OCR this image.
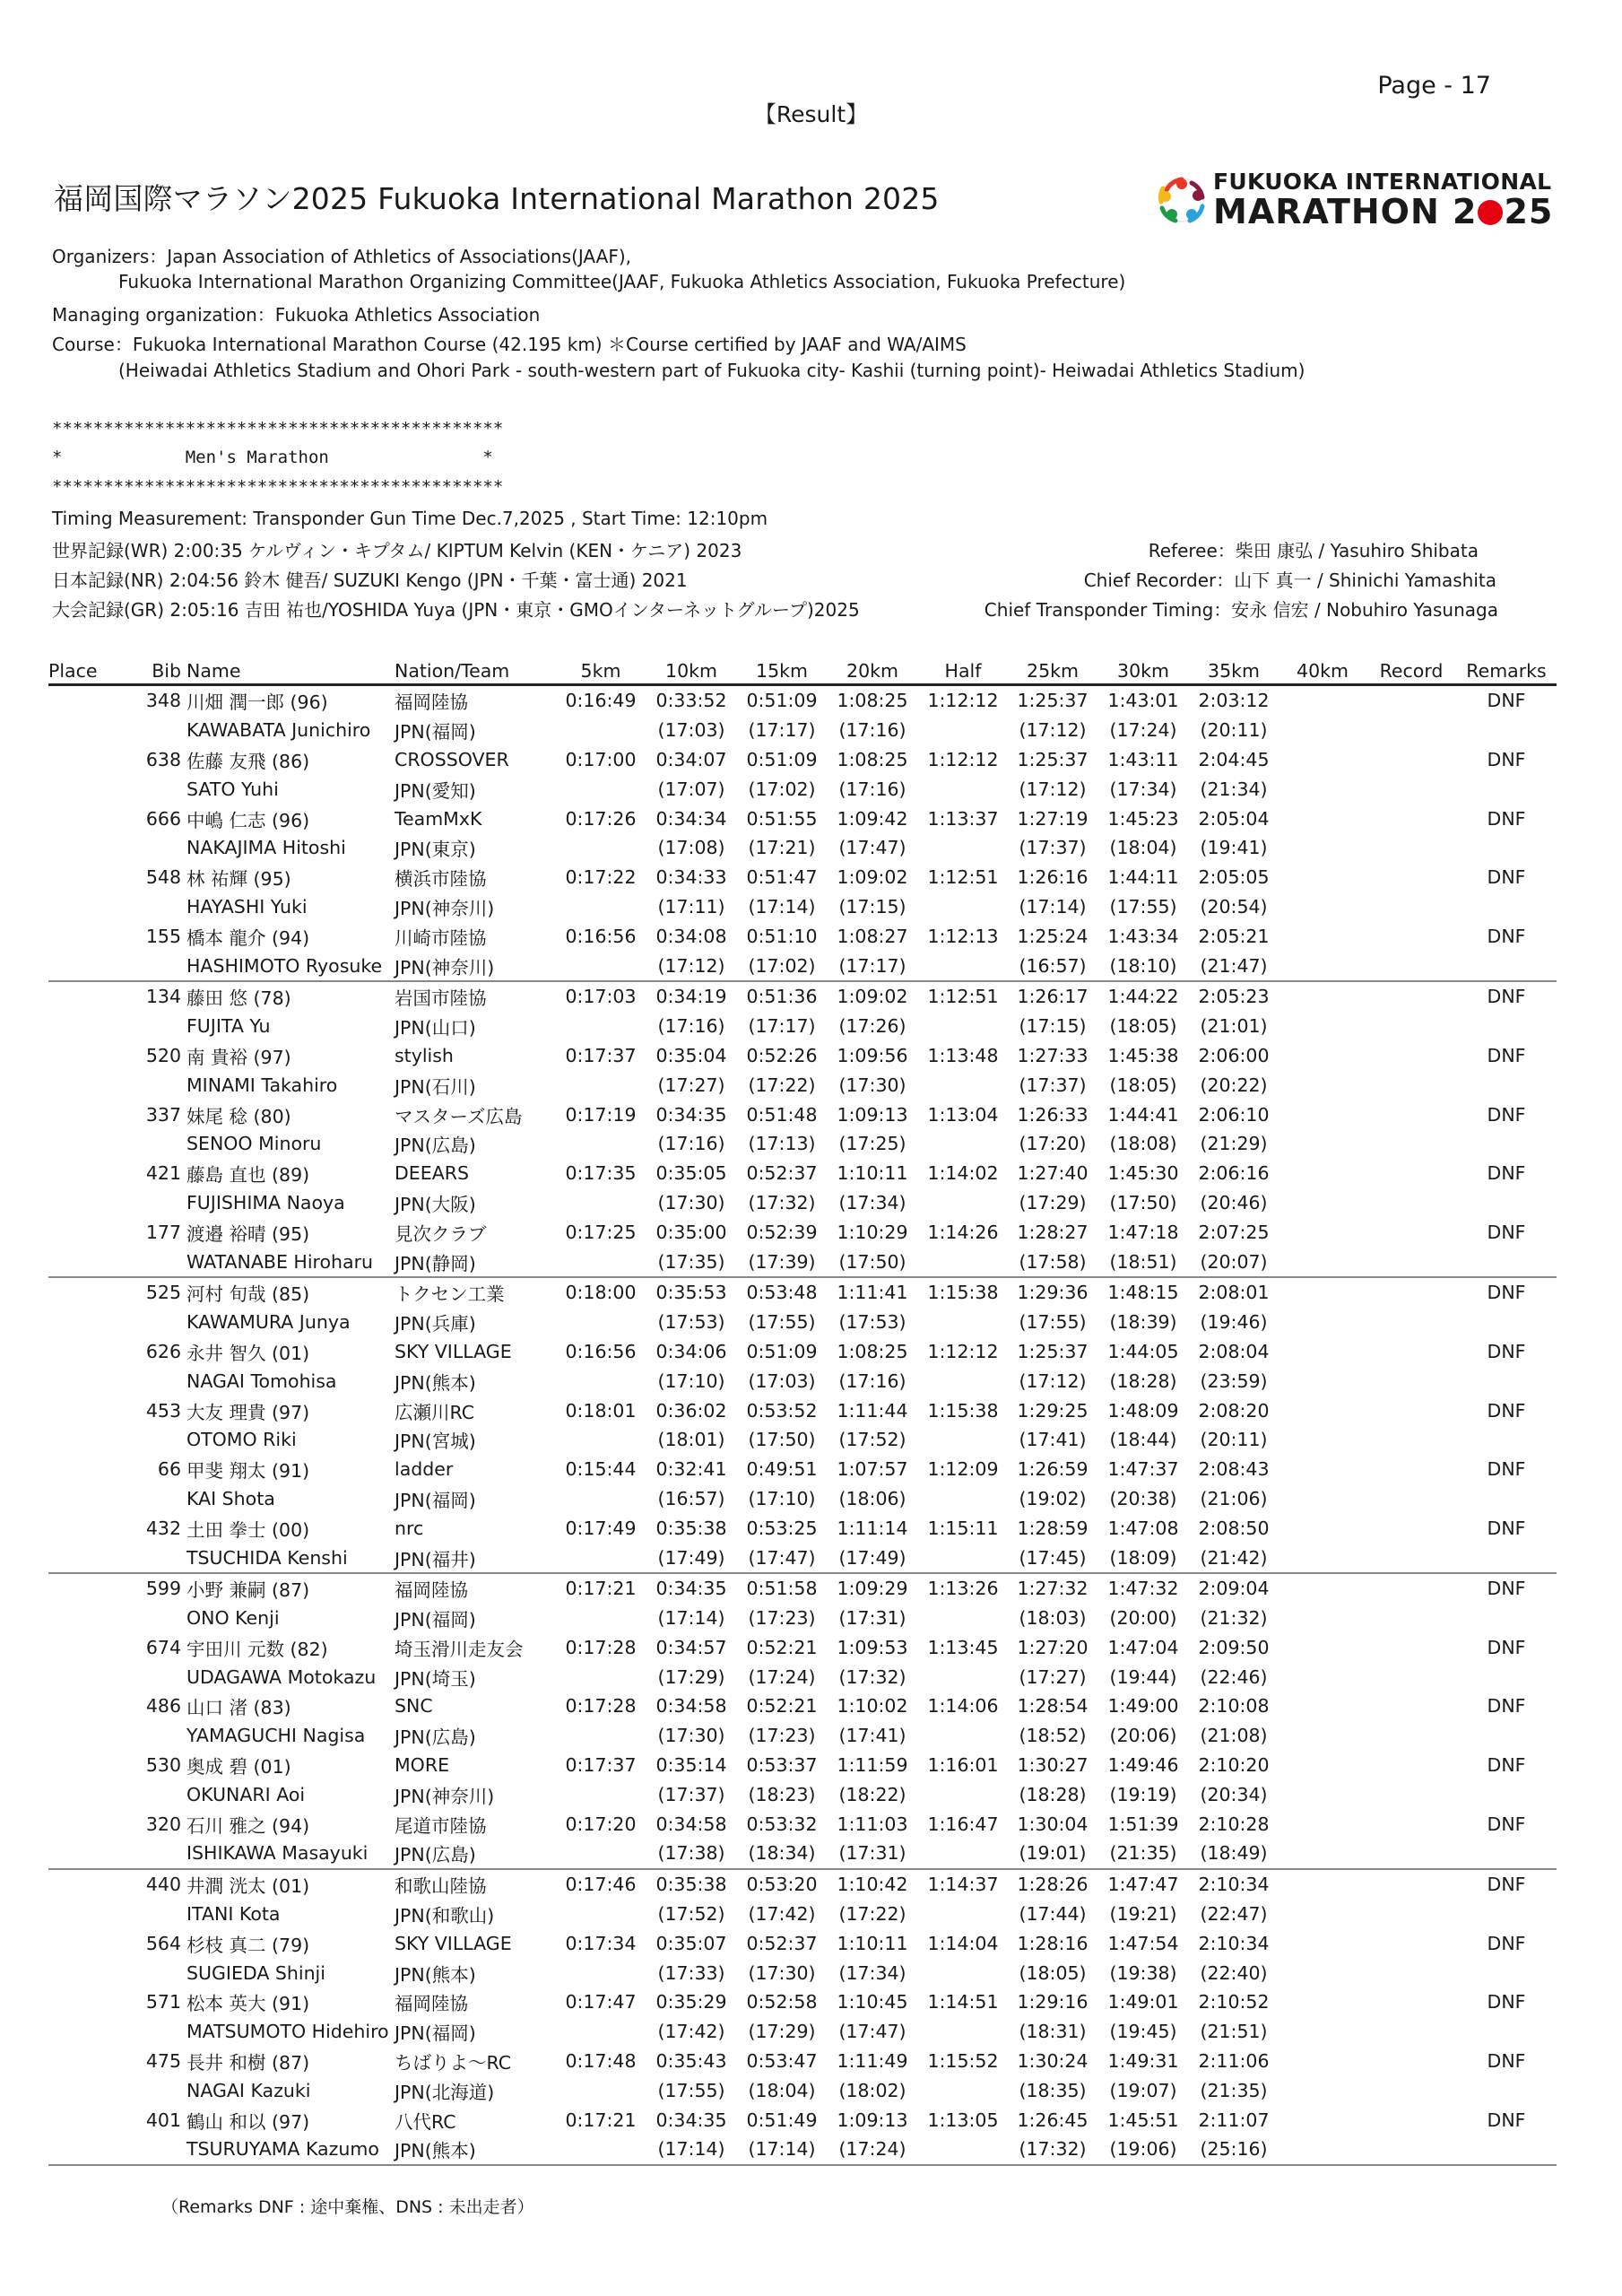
Page - 17
【Result】
福岡国際マラソン2025 Fukuoka International Marathon 2025	FUKUOKA INTERNATIONAL
MARATHON 2 25
Organizers：Japan Association of Athletics of Associations(JAAF),
Fukuoka International Marathon Organizing Committee(JAAF, Fukuoka Athletics Association, Fukuoka Prefecture)
Managing organization：Fukuoka Athletics Association
Course：Fukuoka International Marathon Course (42.195 km) ＊Course certified by JAAF and WA/AIMS
(Heiwadai Athletics Stadium and Ohori Park - south-western part of Fukuoka city- Kashii (turning point)- Heiwadai Athletics Stadium)
********************************************
*            Men's Marathon               *
********************************************
Timing Measurement: Transponder Gun Time Dec.7,2025 , Start Time: 12:10pm
世界記録(WR) 2:00:35 ケルヴィン・キプタム/ KIPTUM Kelvin (KEN・ケニア) 2023
日本記録(NR) 2:04:56 鈴木 健吾/ SUZUKI Kengo (JPN・千葉・富士通) 2021
大会記録(GR) 2:05:16 吉田 祐也/YOSHIDA Yuya (JPN・東京・GMOインターネットグループ)2025
Referee：柴田 康弘 / Yasuhiro Shibata
Chief Recorder：山下 真一 / Shinichi Yamashita
Chief Transponder Timing：安永 信宏 / Nobuhiro Yasunaga
Place	Bib	Name	Nation/Team	5km	10km	15km	20km	Half	25km	30km	35km	40km	Record	Remarks
	348	川畑 潤一郎 (96)	福岡陸協	0:16:49	0:33:52	0:51:09	1:08:25	1:12:12	1:25:37	1:43:01	2:03:12			DNF
		KAWABATA Junichiro	JPN(福岡)		(17:03)	(17:17)	(17:16)		(17:12)	(17:24)	(20:11)			
	638	佐藤 友飛 (86)	CROSSOVER	0:17:00	0:34:07	0:51:09	1:08:25	1:12:12	1:25:37	1:43:11	2:04:45			DNF
		SATO Yuhi	JPN(愛知)		(17:07)	(17:02)	(17:16)		(17:12)	(17:34)	(21:34)			
	666	中嶋 仁志 (96)	TeamMxK	0:17:26	0:34:34	0:51:55	1:09:42	1:13:37	1:27:19	1:45:23	2:05:04			DNF
		NAKAJIMA Hitoshi	JPN(東京)		(17:08)	(17:21)	(17:47)		(17:37)	(18:04)	(19:41)			
	548	林 祐輝 (95)	横浜市陸協	0:17:22	0:34:33	0:51:47	1:09:02	1:12:51	1:26:16	1:44:11	2:05:05			DNF
		HAYASHI Yuki	JPN(神奈川)		(17:11)	(17:14)	(17:15)		(17:14)	(17:55)	(20:54)			
	155	橋本 龍介 (94)	川崎市陸協	0:16:56	0:34:08	0:51:10	1:08:27	1:12:13	1:25:24	1:43:34	2:05:21			DNF
		HASHIMOTO Ryosuke	JPN(神奈川)		(17:12)	(17:02)	(17:17)		(16:57)	(18:10)	(21:47)			
	134	藤田 悠 (78)	岩国市陸協	0:17:03	0:34:19	0:51:36	1:09:02	1:12:51	1:26:17	1:44:22	2:05:23			DNF
		FUJITA Yu	JPN(山口)		(17:16)	(17:17)	(17:26)		(17:15)	(18:05)	(21:01)			
	520	南 貴裕 (97)	stylish	0:17:37	0:35:04	0:52:26	1:09:56	1:13:48	1:27:33	1:45:38	2:06:00			DNF
		MINAMI Takahiro	JPN(石川)		(17:27)	(17:22)	(17:30)		(17:37)	(18:05)	(20:22)			
	337	妹尾 稔 (80)	マスターズ広島	0:17:19	0:34:35	0:51:48	1:09:13	1:13:04	1:26:33	1:44:41	2:06:10			DNF
		SENOO Minoru	JPN(広島)		(17:16)	(17:13)	(17:25)		(17:20)	(18:08)	(21:29)			
	421	藤島 直也 (89)	DEEARS	0:17:35	0:35:05	0:52:37	1:10:11	1:14:02	1:27:40	1:45:30	2:06:16			DNF
		FUJISHIMA Naoya	JPN(大阪)		(17:30)	(17:32)	(17:34)		(17:29)	(17:50)	(20:46)			
	177	渡邉 裕晴 (95)	見次クラブ	0:17:25	0:35:00	0:52:39	1:10:29	1:14:26	1:28:27	1:47:18	2:07:25			DNF
		WATANABE Hiroharu	JPN(静岡)		(17:35)	(17:39)	(17:50)		(17:58)	(18:51)	(20:07)			
	525	河村 旬哉 (85)	トクセン工業	0:18:00	0:35:53	0:53:48	1:11:41	1:15:38	1:29:36	1:48:15	2:08:01			DNF
		KAWAMURA Junya	JPN(兵庫)		(17:53)	(17:55)	(17:53)		(17:55)	(18:39)	(19:46)			
	626	永井 智久 (01)	SKY VILLAGE	0:16:56	0:34:06	0:51:09	1:08:25	1:12:12	1:25:37	1:44:05	2:08:04			DNF
		NAGAI Tomohisa	JPN(熊本)		(17:10)	(17:03)	(17:16)		(17:12)	(18:28)	(23:59)			
	453	大友 理貴 (97)	広瀬川RC	0:18:01	0:36:02	0:53:52	1:11:44	1:15:38	1:29:25	1:48:09	2:08:20			DNF
		OTOMO Riki	JPN(宮城)		(18:01)	(17:50)	(17:52)		(17:41)	(18:44)	(20:11)			
	66	甲斐 翔太 (91)	ladder	0:15:44	0:32:41	0:49:51	1:07:57	1:12:09	1:26:59	1:47:37	2:08:43			DNF
		KAI Shota	JPN(福岡)		(16:57)	(17:10)	(18:06)		(19:02)	(20:38)	(21:06)			
	432	土田 拳士 (00)	nrc	0:17:49	0:35:38	0:53:25	1:11:14	1:15:11	1:28:59	1:47:08	2:08:50			DNF
		TSUCHIDA Kenshi	JPN(福井)		(17:49)	(17:47)	(17:49)		(17:45)	(18:09)	(21:42)			
	599	小野 兼嗣 (87)	福岡陸協	0:17:21	0:34:35	0:51:58	1:09:29	1:13:26	1:27:32	1:47:32	2:09:04			DNF
		ONO Kenji	JPN(福岡)		(17:14)	(17:23)	(17:31)		(18:03)	(20:00)	(21:32)			
	674	宇田川 元数 (82)	埼玉滑川走友会	0:17:28	0:34:57	0:52:21	1:09:53	1:13:45	1:27:20	1:47:04	2:09:50			DNF
		UDAGAWA Motokazu	JPN(埼玉)		(17:29)	(17:24)	(17:32)		(17:27)	(19:44)	(22:46)			
	486	山口 渚 (83)	SNC	0:17:28	0:34:58	0:52:21	1:10:02	1:14:06	1:28:54	1:49:00	2:10:08			DNF
		YAMAGUCHI Nagisa	JPN(広島)		(17:30)	(17:23)	(17:41)		(18:52)	(20:06)	(21:08)			
	530	奥成 碧 (01)	MORE	0:17:37	0:35:14	0:53:37	1:11:59	1:16:01	1:30:27	1:49:46	2:10:20			DNF
		OKUNARI Aoi	JPN(神奈川)		(17:37)	(18:23)	(18:22)		(18:28)	(19:19)	(20:34)			
	320	石川 雅之 (94)	尾道市陸協	0:17:20	0:34:58	0:53:32	1:11:03	1:16:47	1:30:04	1:51:39	2:10:28			DNF
		ISHIKAWA Masayuki	JPN(広島)		(17:38)	(18:34)	(17:31)		(19:01)	(21:35)	(18:49)			
	440	井澗 洸太 (01)	和歌山陸協	0:17:46	0:35:38	0:53:20	1:10:42	1:14:37	1:28:26	1:47:47	2:10:34			DNF
		ITANI Kota	JPN(和歌山)		(17:52)	(17:42)	(17:22)		(17:44)	(19:21)	(22:47)			
	564	杉枝 真二 (79)	SKY VILLAGE	0:17:34	0:35:07	0:52:37	1:10:11	1:14:04	1:28:16	1:47:54	2:10:34			DNF
		SUGIEDA Shinji	JPN(熊本)		(17:33)	(17:30)	(17:34)		(18:05)	(19:38)	(22:40)			
	571	松本 英大 (91)	福岡陸協	0:17:47	0:35:29	0:52:58	1:10:45	1:14:51	1:29:16	1:49:01	2:10:52			DNF
		MATSUMOTO Hidehiro	JPN(福岡)		(17:42)	(17:29)	(17:47)		(18:31)	(19:45)	(21:51)			
	475	長井 和樹 (87)	ちばりよ～RC	0:17:48	0:35:43	0:53:47	1:11:49	1:15:52	1:30:24	1:49:31	2:11:06			DNF
		NAGAI Kazuki	JPN(北海道)		(17:55)	(18:04)	(18:02)		(18:35)	(19:07)	(21:35)			
	401	鶴山 和以 (97)	八代RC	0:17:21	0:34:35	0:51:49	1:09:13	1:13:05	1:26:45	1:45:51	2:11:07			DNF
		TSURUYAMA Kazumo	JPN(熊本)		(17:14)	(17:14)	(17:24)		(17:32)	(19:06)	(25:16)			
（Remarks DNF : 途中棄権、DNS : 未出走者）
